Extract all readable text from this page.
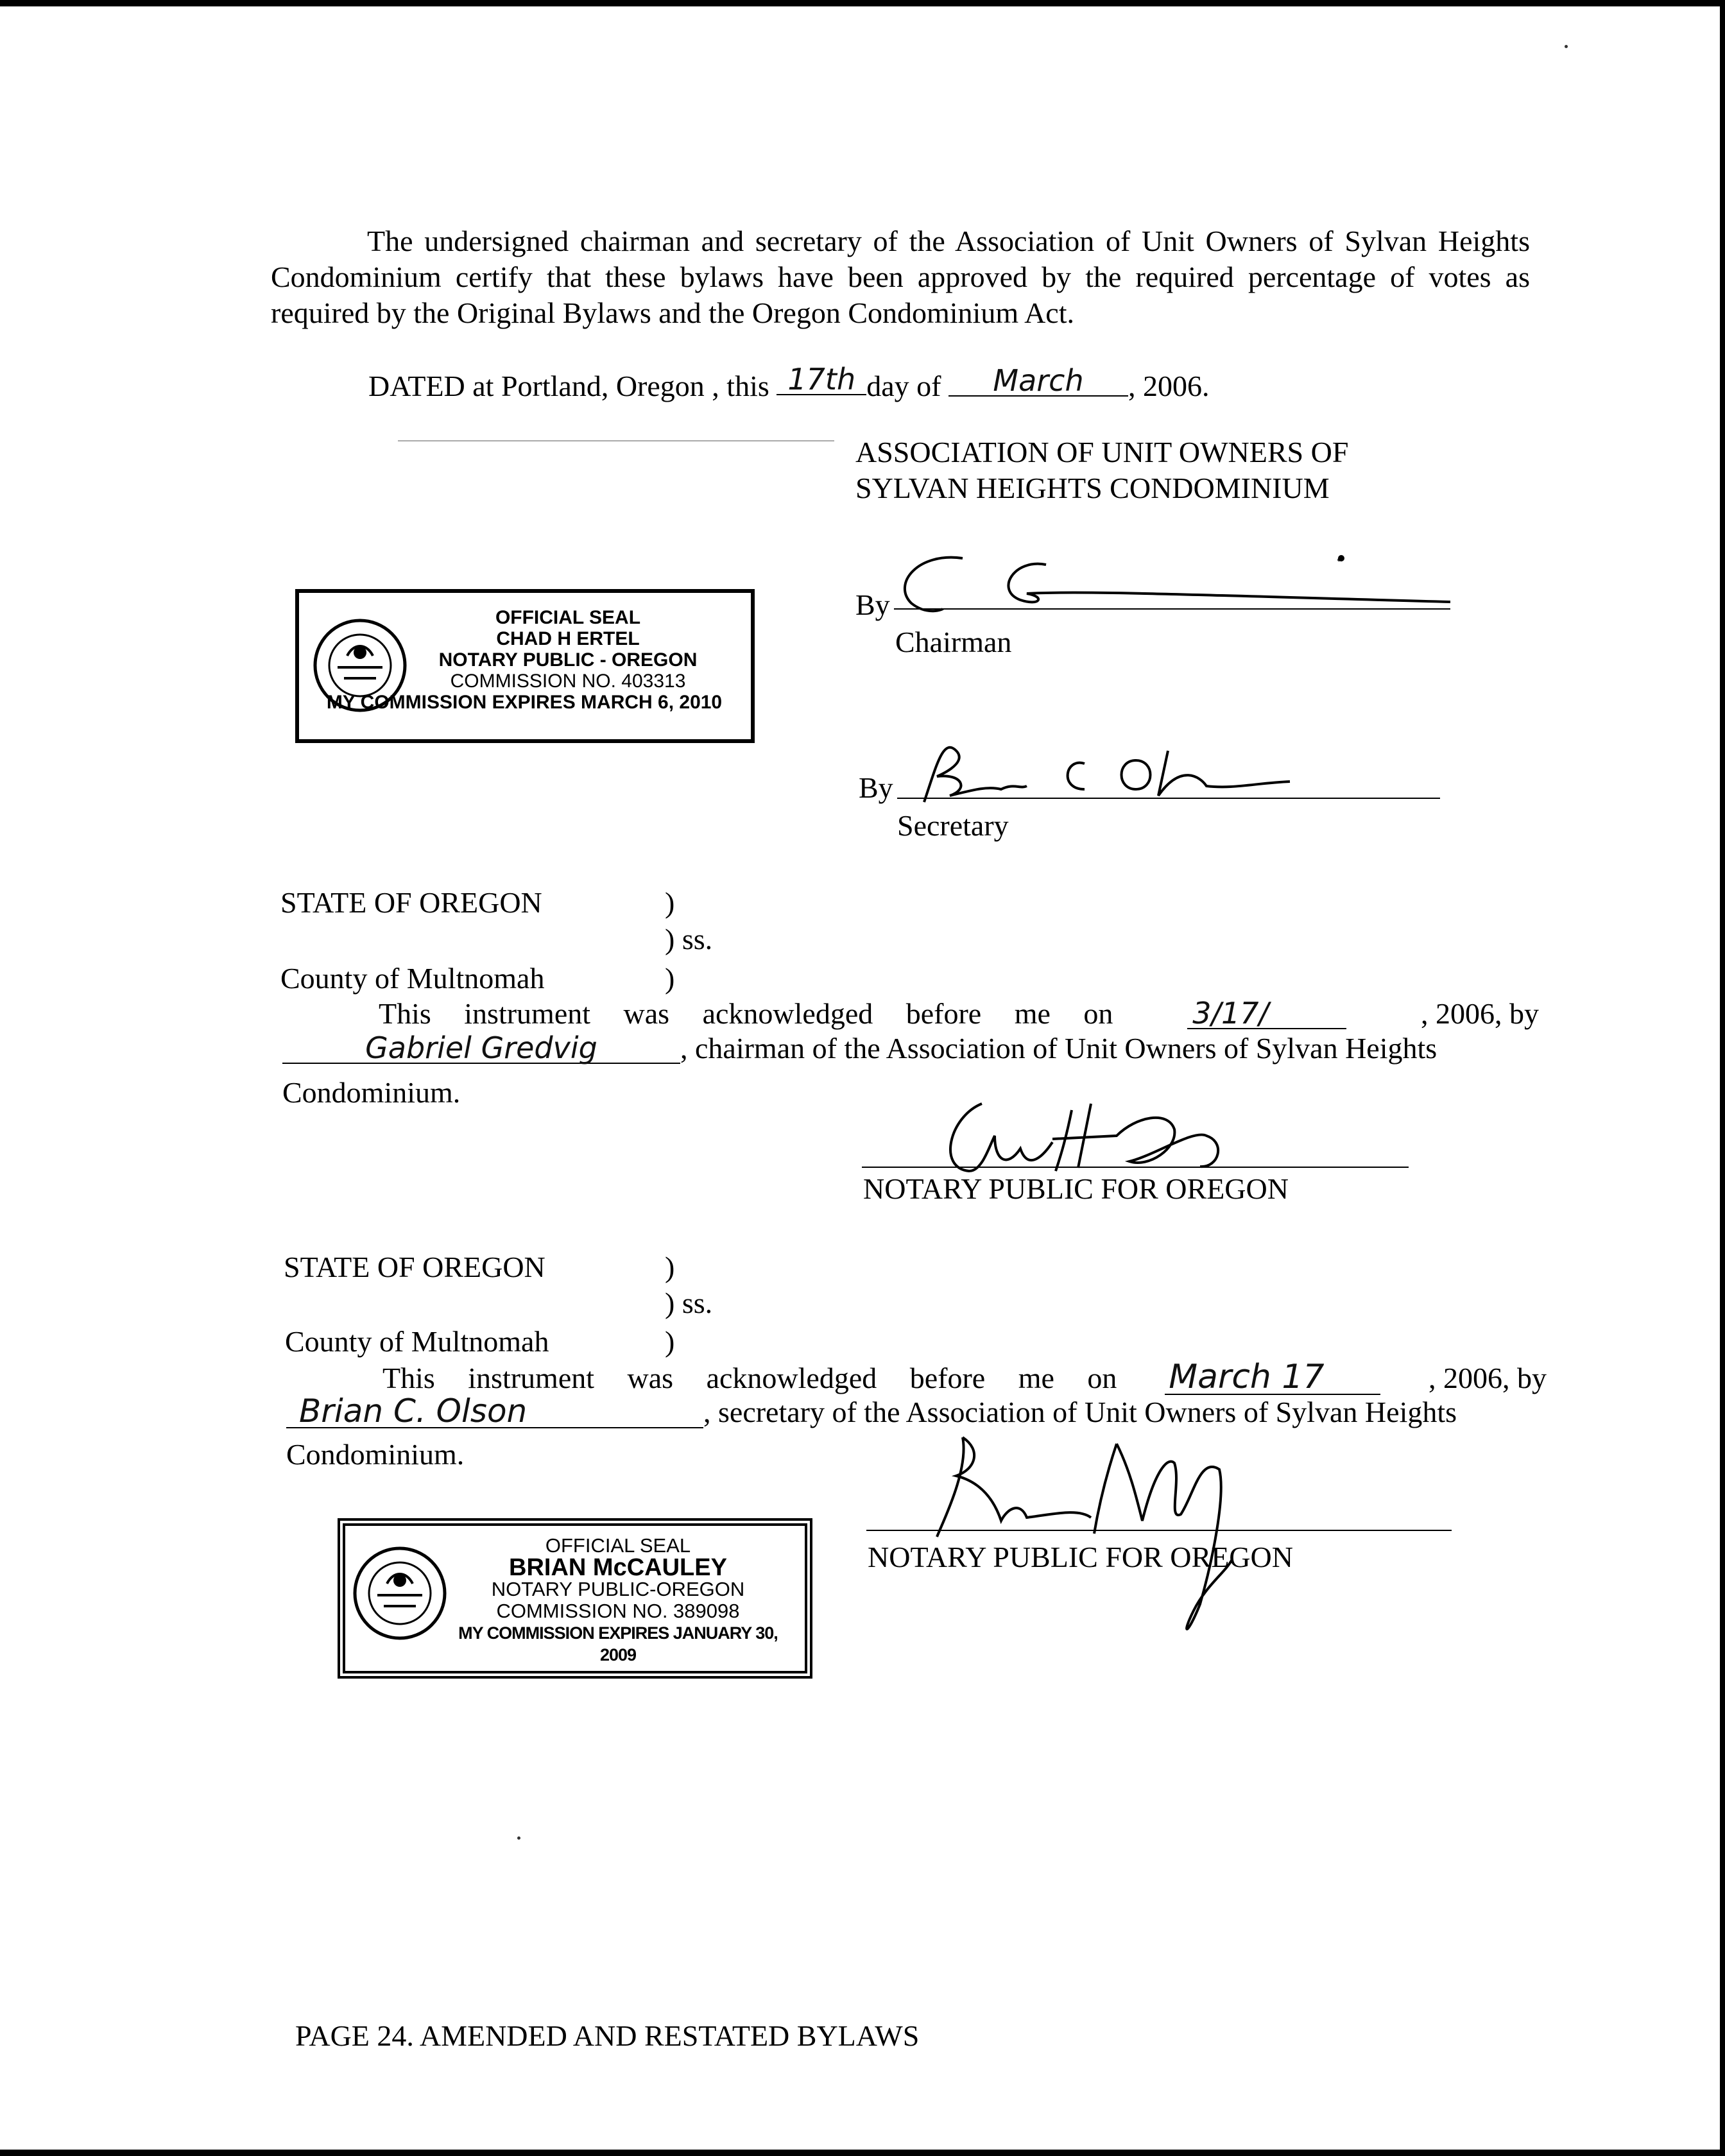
The undersigned chairman and secretary of the Association of Unit Owners of Sylvan Heights Condominium certify that these bylaws have been approved by the required percentage of votes as required by the Original Bylaws and the Oregon Condominium Act.
DATED at Portland, Oregon , this 17th day of March , 2006.
ASSOCIATION OF UNIT OWNERS OF
SYLVAN HEIGHTS CONDOMINIUM
By
Chairman
OFFICIAL SEAL
CHAD H ERTEL
NOTARY PUBLIC - OREGON
COMMISSION NO. 403313
MY COMMISSION EXPIRES MARCH 6, 2010
By
Secretary
STATE OF OREGON	)
) ss.
County of Multnomah	)
This instrument was acknowledged before me on	3/17/	, 2006, by
Gabriel Gredvig	, chairman of the Association of Unit Owners of Sylvan Heights
Condominium.
NOTARY PUBLIC FOR OREGON
STATE OF OREGON	)
) ss.
County of Multnomah	)
This instrument was acknowledged before me on March 17	, 2006, by
Brian C. Olson	, secretary of the Association of Unit Owners of Sylvan Heights
Condominium.
NOTARY PUBLIC FOR OREGON
OFFICIAL SEAL
BRIAN McCAULEY
NOTARY PUBLIC-OREGON
COMMISSION NO. 389098
MY COMMISSION EXPIRES JANUARY 30, 2009
PAGE 24. AMENDED AND RESTATED BYLAWS
